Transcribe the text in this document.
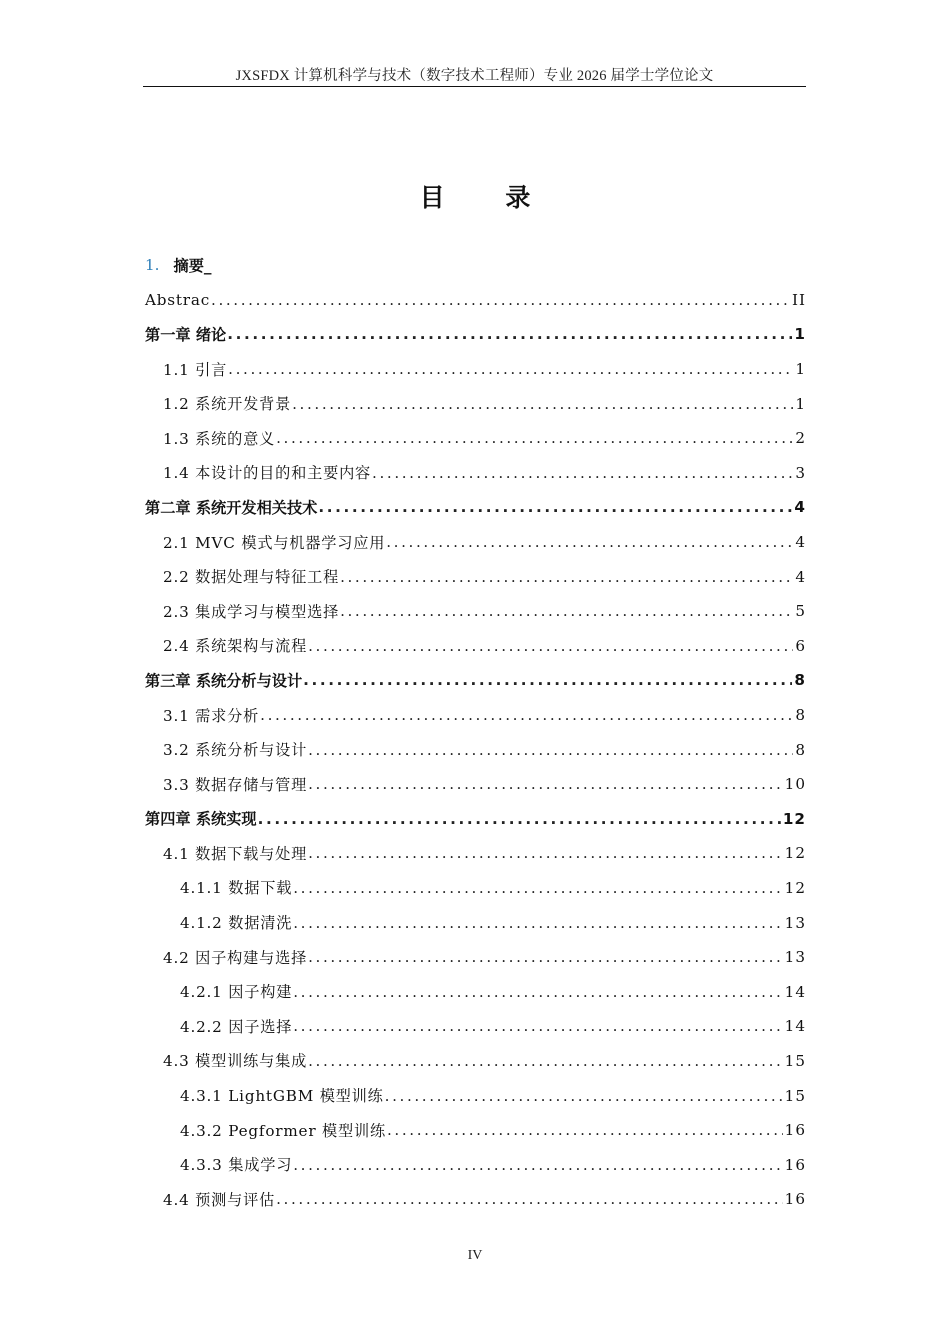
JXSFDX 计算机科学与技术（数字技术工程师）专业 2026 届学士学位论文
目 录
1. 摘要_
Abstrac .....	II
第一章 绪论 .....	1
1.1 引言 .....	1
1.2 系统开发背景 .....	1
1.3 系统的意义 .....	2
1.4 本设计的目的和主要内容 .....	3
第二章 系统开发相关技术 .....	4
2.1 MVC 模式与机器学习应用 .....	4
2.2 数据处理与特征工程 .....	4
2.3 集成学习与模型选择 .....	5
2.4 系统架构与流程 .....	6
第三章 系统分析与设计 .....	8
3.1 需求分析 .....	8
3.2 系统分析与设计 .....	8
3.3 数据存储与管理 .....	10
第四章 系统实现 .....	12
4.1 数据下载与处理 .....	12
4.1.1 数据下载 .....	12
4.1.2 数据清洗 .....	13
4.2 因子构建与选择 .....	13
4.2.1 因子构建 .....	14
4.2.2 因子选择 .....	14
4.3 模型训练与集成 .....	15
4.3.1 LightGBM 模型训练 .....	15
4.3.2 Pegformer 模型训练 .....	16
4.3.3 集成学习 .....	16
4.4 预测与评估 .....	16
IV
